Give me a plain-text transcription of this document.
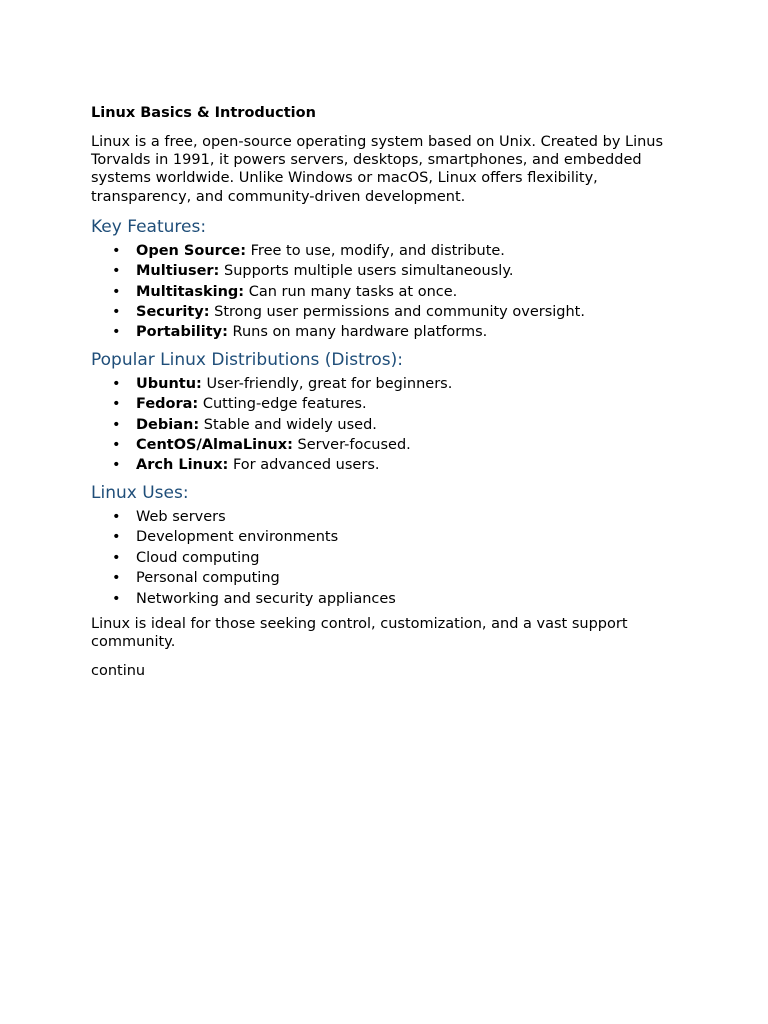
Linux Basics & Introduction

Linux is a free, open-source operating system based on Unix. Created by Linus Torvalds in 1991, it powers servers, desktops, smartphones, and embedded systems worldwide. Unlike Windows or macOS, Linux offers flexibility, transparency, and community-driven development.

Key Features:
• Open Source: Free to use, modify, and distribute.
• Multiuser: Supports multiple users simultaneously.
• Multitasking: Can run many tasks at once.
• Security: Strong user permissions and community oversight.
• Portability: Runs on many hardware platforms.
Popular Linux Distributions (Distros):
• Ubuntu: User-friendly, great for beginners.
• Fedora: Cutting-edge features.
• Debian: Stable and widely used.
• CentOS/AlmaLinux: Server-focused.
• Arch Linux: For advanced users.
Linux Uses:
• Web servers
• Development environments
• Cloud computing
• Personal computing
• Networking and security appliances

Linux is ideal for those seeking control, customization, and a vast support community.

continu
